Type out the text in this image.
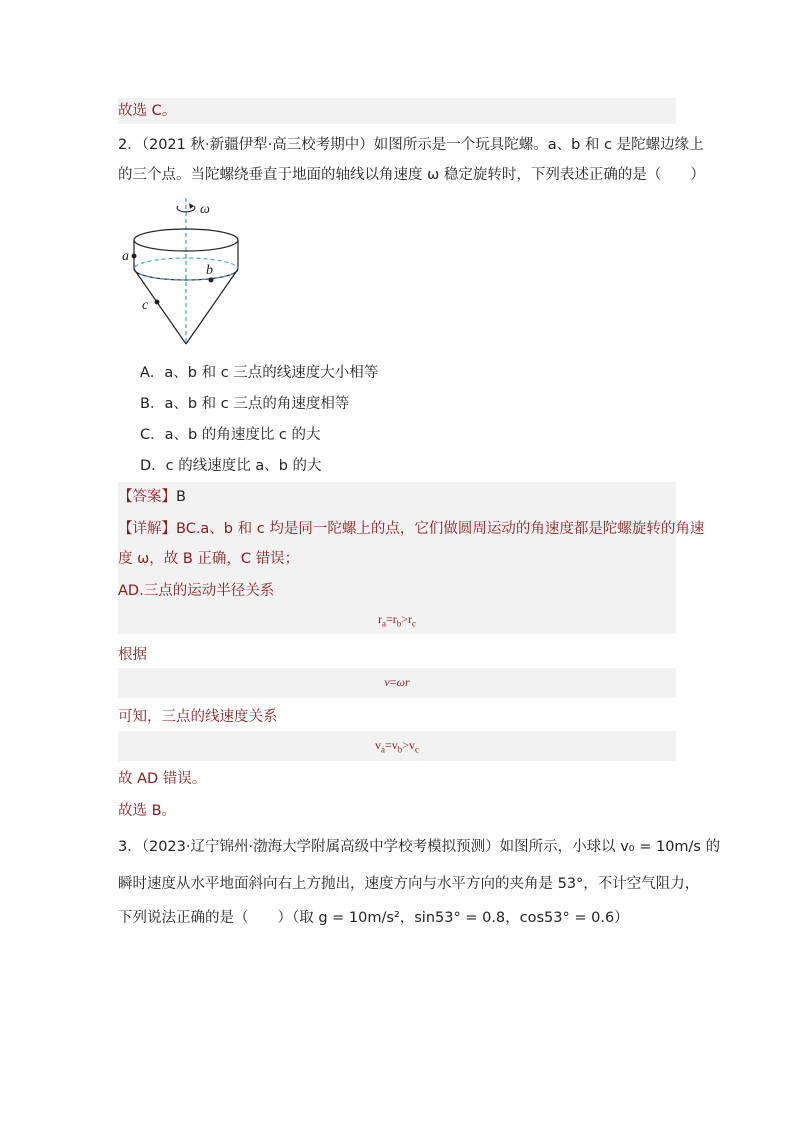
故选 C。
2．（2021 秋·新疆伊犁·高三校考期中）如图所示是一个玩具陀螺。a、b 和 c 是陀螺边缘上
的三个点。当陀螺绕垂直于地面的轴线以角速度 ω 稳定旋转时，下列表述正确的是（　　）
ω
a
b
c
A．a、b 和 c 三点的线速度大小相等
B．a、b 和 c 三点的角速度相等
C．a、b 的角速度比 c 的大
D．c 的线速度比 a、b 的大
【答案】B
【详解】BC.a、b 和 c 均是同一陀螺上的点，它们做圆周运动的角速度都是陀螺旋转的角速
度 ω，故 B 正确，C 错误；
AD.三点的运动半径关系
$r_a=r_b>r_c$
根据
v=ωr
可知，三点的线速度关系
$v_a=v_b>v_c$
故 AD 错误。
故选 B。
3．（2023·辽宁锦州·渤海大学附属高级中学校考模拟预测）如图所示，小球以 v₀ = 10m/s 的
瞬时速度从水平地面斜向右上方抛出，速度方向与水平方向的夹角是 53°，不计空气阻力，
下列说法正确的是（　　）（取 g = 10m/s²，sin53° = 0.8，cos53° = 0.6）
